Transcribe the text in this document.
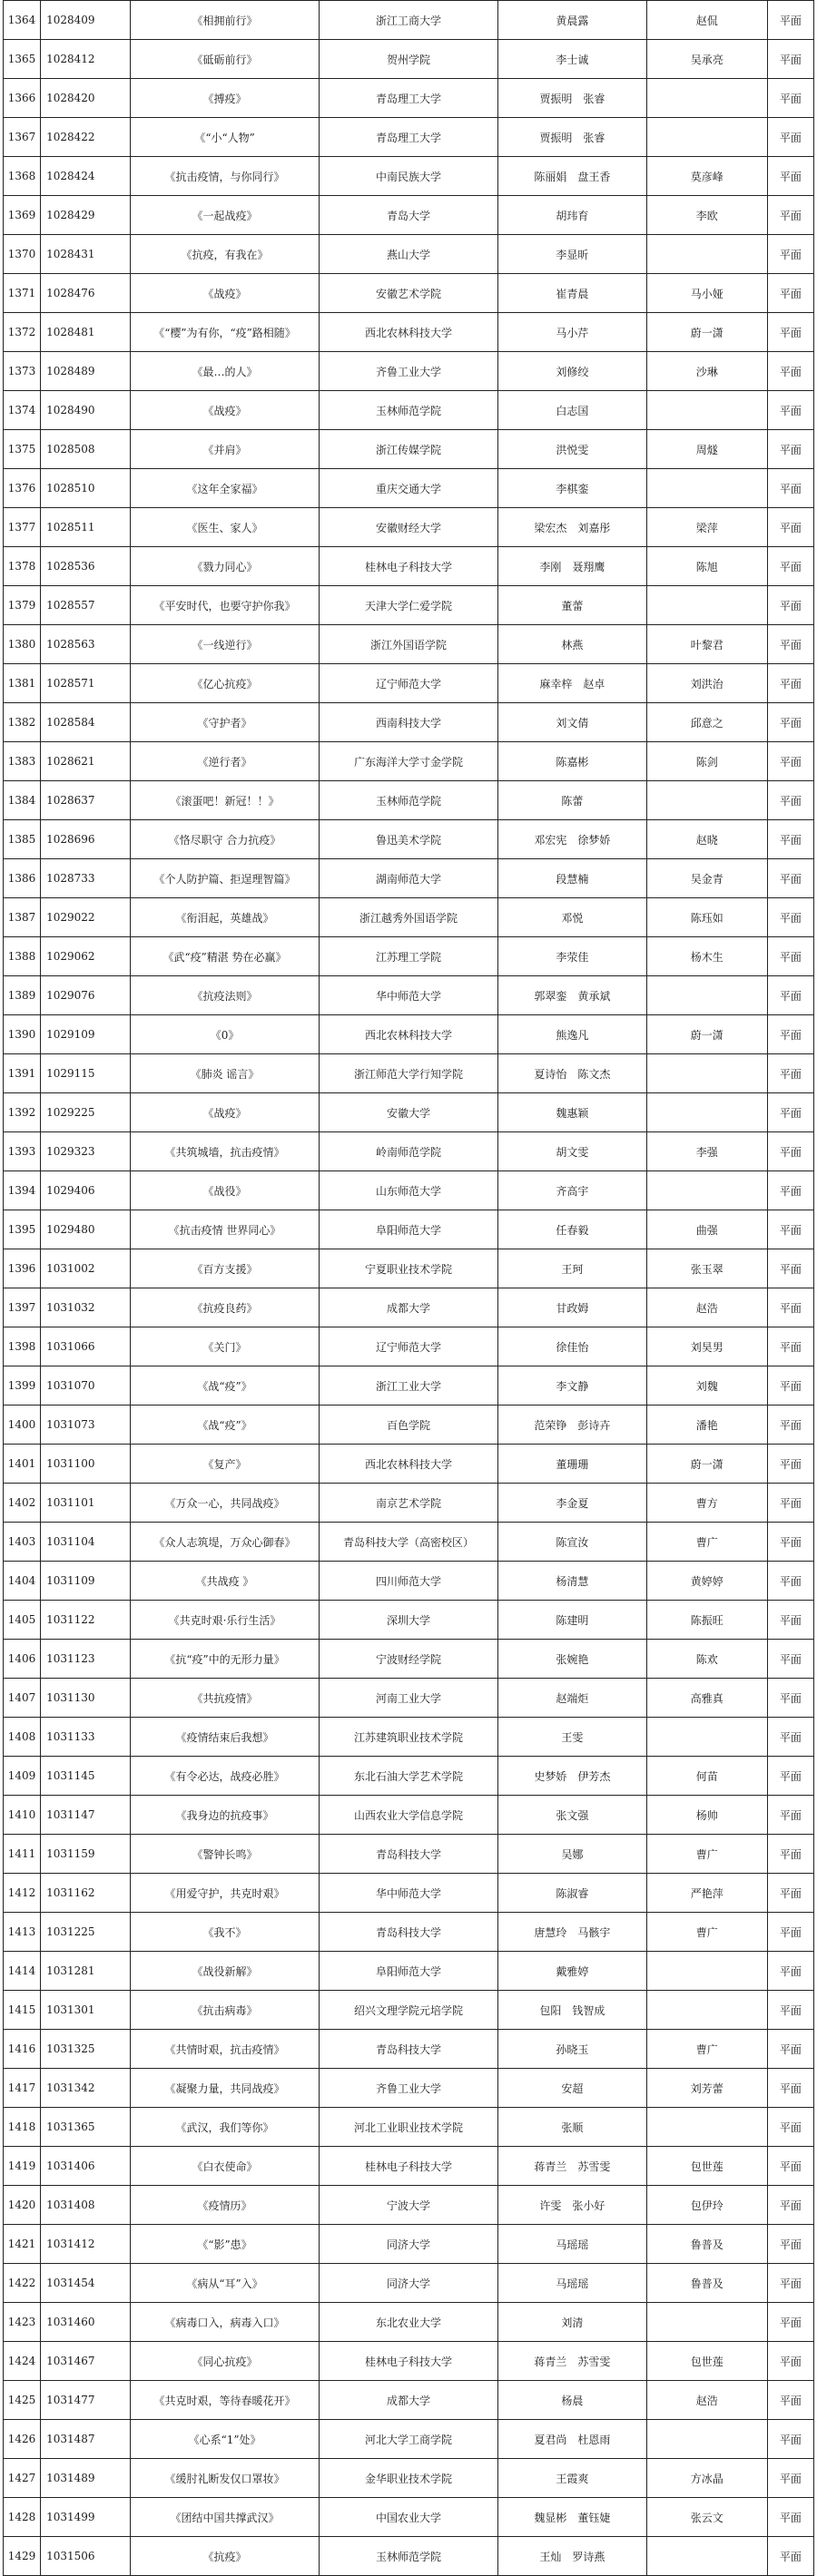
1364	1028409	《相拥前行》	浙江工商大学	黄晨露	赵侃	平面
1365	1028412	《砥砺前行》	贺州学院	李士诚	吴承亮	平面
1366	1028420	《搏疫》	青岛理工大学	贾振明　张睿		平面
1367	1028422	《“小“人物”	青岛理工大学	贾振明　张睿		平面
1368	1028424	《抗击疫情，与你同行》	中南民族大学	陈丽娟　盘王香	莫彦峰	平面
1369	1028429	《一起战疫》	青岛大学	胡玮育	李欧	平面
1370	1028431	《抗疫，有我在》	燕山大学	李显昕		平面
1371	1028476	《战疫》	安徽艺术学院	崔青晨	马小娅	平面
1372	1028481	《“樱”为有你，“疫”路相随》	西北农林科技大学	马小芹	蔚一潇	平面
1373	1028489	《最…的人》	齐鲁工业大学	刘修绞	沙琳	平面
1374	1028490	《战疫》	玉林师范学院	白志国		平面
1375	1028508	《并肩》	浙江传媒学院	洪悦雯	周燧	平面
1376	1028510	《这年全家福》	重庆交通大学	李棋銮		平面
1377	1028511	《医生、家人》	安徽财经大学	梁宏杰　刘嘉彤	梁萍	平面
1378	1028536	《戮力同心》	桂林电子科技大学	李刚　聂翔鹰	陈旭	平面
1379	1028557	《平安时代，也要守护你我》	天津大学仁爱学院	董蕾		平面
1380	1028563	《一线逆行》	浙江外国语学院	林燕	叶黎君	平面
1381	1028571	《亿心抗疫》	辽宁师范大学	麻幸梓　赵卓	刘洪治	平面
1382	1028584	《守护者》	西南科技大学	刘文倩	邱意之	平面
1383	1028621	《逆行者》	广东海洋大学寸金学院	陈嘉彬	陈剑	平面
1384	1028637	《滚蛋吧！新冠！！》	玉林师范学院	陈蕾		平面
1385	1028696	《恪尽职守 合力抗疫》	鲁迅美术学院	邓宏宪　徐梦娇	赵晓	平面
1386	1028733	《个人防护篇、拒逞理智篇》	湖南师范大学	段慧楠	吴金青	平面
1387	1029022	《衔泪起，英雄战》	浙江越秀外国语学院	邓悦	陈珏如	平面
1388	1029062	《武“疫”精湛 势在必赢》	江苏理工学院	李荥佳	杨木生	平面
1389	1029076	《抗疫法则》	华中师范大学	郭翠銮　黄承斌		平面
1390	1029109	《0》	西北农林科技大学	熊逸凡	蔚一潇	平面
1391	1029115	《肺炎 谣言》	浙江师范大学行知学院	夏诗怡　陈文杰		平面
1392	1029225	《战疫》	安徽大学	魏惠颖		平面
1393	1029323	《共筑城墙，抗击疫情》	岭南师范学院	胡文雯	李强	平面
1394	1029406	《战役》	山东师范大学	齐高宇		平面
1395	1029480	《抗击疫情 世界同心》	阜阳师范大学	任春毅	曲强	平面
1396	1031002	《百方支援》	宁夏职业技术学院	王珂	张玉翠	平面
1397	1031032	《抗疫良药》	成都大学	甘政姆	赵浩	平面
1398	1031066	《关门》	辽宁师范大学	徐佳怡	刘昊男	平面
1399	1031070	《战“疫”》	浙江工业大学	李文静	刘魏	平面
1400	1031073	《战“疫”》	百色学院	范荣铮　彭诗卉	潘艳	平面
1401	1031100	《复产》	西北农林科技大学	董珊珊	蔚一潇	平面
1402	1031101	《万众一心，共同战疫》	南京艺术学院	李金夏	曹方	平面
1403	1031104	《众人志筑堤，万众心御春》	青岛科技大学（高密校区）	陈宣汝	曹广	平面
1404	1031109	《共战疫 》	四川师范大学	杨清慧	黄婷婷	平面
1405	1031122	《共克时艰·乐行生活》	深圳大学	陈建明	陈振旺	平面
1406	1031123	《抗“疫”中的无形力量》	宁波财经学院	张婉艳	陈欢	平面
1407	1031130	《共抗疫情》	河南工业大学	赵端炬	高雅真	平面
1408	1031133	《疫情结束后我想》	江苏建筑职业技术学院	王雯		平面
1409	1031145	《有令必达，战疫必胜》	东北石油大学艺术学院	史梦娇　伊芳杰	何苗	平面
1410	1031147	《我身边的抗疫事》	山西农业大学信息学院	张文强	杨帅	平面
1411	1031159	《警钟长鸣》	青岛科技大学	吴娜	曹广	平面
1412	1031162	《用爱守护，共克时艰》	华中师范大学	陈淑睿	严艳萍	平面
1413	1031225	《我不》	青岛科技大学	唐慧玲　马骸宇	曹广	平面
1414	1031281	《战役新解》	阜阳师范大学	戴雅婷		平面
1415	1031301	《抗击病毒》	绍兴文理学院元培学院	包阳　钱智成		平面
1416	1031325	《共情时艰，抗击疫情》	青岛科技大学	孙晓玉	曹广	平面
1417	1031342	《凝聚力量，共同战疫》	齐鲁工业大学	安超	刘芳蕾	平面
1418	1031365	《武汉，我们等你》	河北工业职业技术学院	张顺		平面
1419	1031406	《白衣使命》	桂林电子科技大学	蒋青兰　苏雪雯	包世莲	平面
1420	1031408	《疫情历》	宁波大学	许雯　张小好	包伊玲	平面
1421	1031412	《“影”患》	同济大学	马瑶瑶	鲁普及	平面
1422	1031454	《病从“耳”入》	同济大学	马瑶瑶	鲁普及	平面
1423	1031460	《病毒口入，病毒入口》	东北农业大学	刘清		平面
1424	1031467	《同心抗疫》	桂林电子科技大学	蒋青兰　苏雪雯	包世莲	平面
1425	1031477	《共克时艰，等待春暖花开》	成都大学	杨晨	赵浩	平面
1426	1031487	《心系“1”处》	河北大学工商学院	夏君尚　杜恩雨		平面
1427	1031489	《缓肘礼断发仅口罩妆》	金华职业技术学院	王霞爽	方冰晶	平面
1428	1031499	《团结中国共撑武汉》	中国农业大学	魏显彬　董钰婕	张云文	平面
1429	1031506	《抗疫》	玉林师范学院	王灿　罗诗燕		平面
